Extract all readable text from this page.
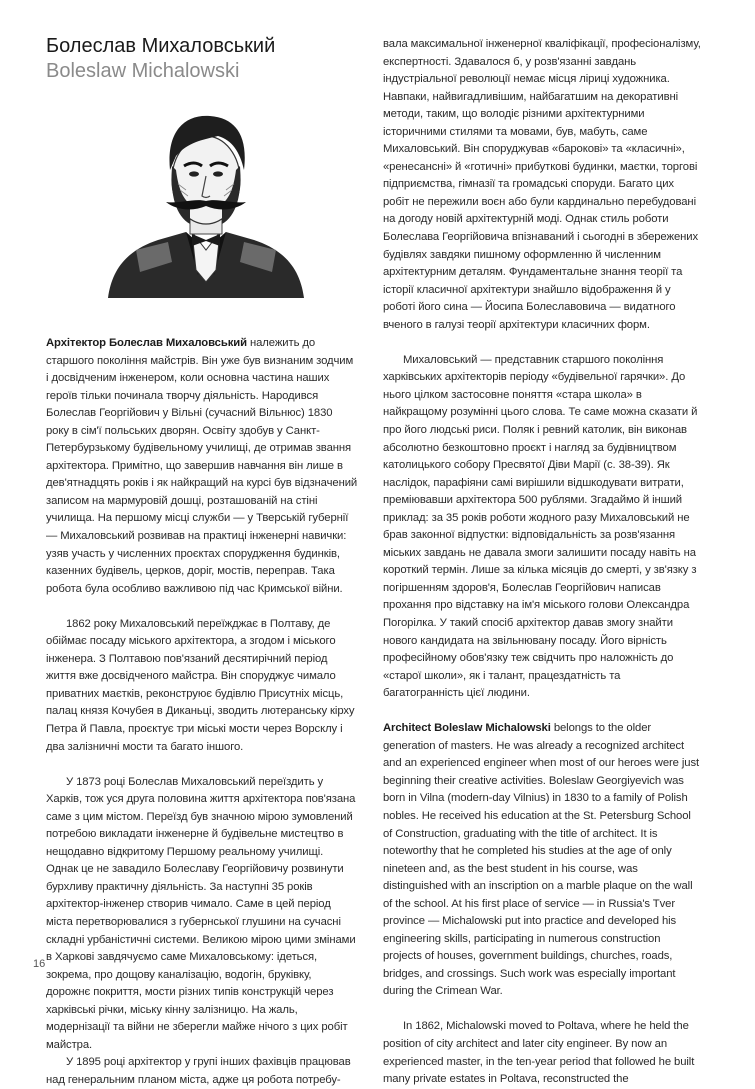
Болеслав Михаловський
Boleslaw Michalowski

Архітектор Болеслав Михаловський належить до старшого покоління майстрів. Він уже був визнаним зодчим і досвідченим інженером, коли основна частина наших героїв тільки починала творчу діяльність. Народився Болеслав Георгійович у Вільні (сучасний Вільнюс) 1830 року в сім'ї польських дворян. Освіту здобув у Санкт-Петербурзькому будівельному училищі, де отримав звання архітектора. Примітно, що завершив навчання він лише в дев'ятнадцять років і як найкращий на курсі був відзначений записом на мармуровій дошці, розташованій на стіні училища. На першому місці служби — у Тверській губернії — Михаловський розвивав на практиці інженерні навички: узяв участь у численних проєктах спорудження будинків, казенних будівель, церков, доріг, мостів, переправ. Така робота була особливо важливою під час Кримської війни.

1862 року Михаловський переїжджає в Полтаву, де обіймає посаду міського архітектора, а згодом і міського інженера. З Полтавою пов'язаний десятирічний період життя вже досвідченого майстра. Він споруджує чимало приватних маєтків, реконструює будівлю Присутніх місць, палац князя Кочубея в Диканьці, зводить лютеранську кірху Петра й Павла, проєктує три міські мости через Ворсклу і два залізничні мости та багато іншого.

У 1873 році Болеслав Михаловський переїздить у Харків, тож уся друга половина життя архітектора пов'язана саме з цим містом. Переїзд був значною мірою зумовлений потребою викладати інженерне й будівельне мистецтво в нещодавно відкритому Першому реальному училищі. Однак це не завадило Болеславу Георгійовичу розвинути бурхливу практичну діяльність. За наступні 35 років архітектор-інженер створив чимало. Саме в цей період міста перетворювалися з губернської глушини на сучасні складні урбаністичні системи. Великою мірою цими змінами в Харкові завдячуємо саме Михаловському: ідеться, зокрема, про дощову каналізацію, водогін, бруківку, дорожнє покриття, мости різних типів конструкцій через харківські річки, міську кінну залізницю. На жаль, модернізації та війни не зберегли майже нічого з цих робіт майстра.

У 1895 році архітектор у групі інших фахівців працював над генеральним планом міста, адже ця робота потребу-

вала максимальної інженерної кваліфікації, професіоналізму, експертності. Здавалося б, у розв'язанні завдань індустріальної революції немає місця ліриці художника. Навпаки, найвигадливішим, найбагатшим на декоративні методи, таким, що володіє різними архітектурними історичними стилями та мовами, був, мабуть, саме Михаловський. Він споруджував «барокові» та «класичні», «ренесансні» й «готичні» прибуткові будинки, маєтки, торгові підприємства, гімназії та громадські споруди. Багато цих робіт не пережили воєн або були кардинально перебудовані на догоду новій архітектурній моді. Однак стиль роботи Болеслава Георгійовича впізнаваний і сьогодні в збережених будівлях завдяки пишному оформленню й численним архітектурним деталям. Фундаментальне знання теорії та історії класичної архітектури знайшло відображення й у роботі його сина — Йосипа Болеславовича — видатного вченого в галузі теорії архітектури класичних форм.

Михаловський — представник старшого покоління харківських архітекторів періоду «будівельної гарячки». До нього цілком застосовне поняття «стара школа» в найкращому розумінні цього слова. Те саме можна сказати й про його людські риси. Поляк і ревний католик, він виконав абсолютно безкоштовно проєкт і нагляд за будівництвом католицького собору Пресвятої Діви Марії (с. 38-39). Як наслідок, парафіяни самі вирішили відшкодувати витрати, преміювавши архітектора 500 рублями. Згадаймо й інший приклад: за 35 років роботи жодного разу Михаловський не брав законної відпустки: відповідальність за розв'язання міських завдань не давала змоги залишити посаду навіть на короткий термін. Лише за кілька місяців до смерті, у зв'язку з погіршенням здоров'я, Болеслав Георгійович написав прохання про відставку на ім'я міського голови Олександра Погорілка. У такий спосіб архітектор давав змогу знайти нового кандидата на звільнювану посаду. Його вірність професійному обов'язку теж свідчить про наложність до «старої школи», як і талант, працездатність та багатогранність цієї людини.

Architect Boleslaw Michalowski belongs to the older generation of masters. He was already a recognized architect and an experienced engineer when most of our heroes were just beginning their creative activities. Boleslaw Georgiyevich was born in Vilna (modern-day Vilnius) in 1830 to a family of Polish nobles. He received his education at the St. Petersburg School of Construction, graduating with the title of architect. It is noteworthy that he completed his studies at the age of only nineteen and, as the best student in his course, was distinguished with an inscription on a marble plaque on the wall of the school. At his first place of service — in Russia's Tver province — Michalowski put into practice and developed his engineering skills, participating in numerous construction projects of houses, government buildings, churches, roads, bridges, and crossings. Such work was especially important during the Crimean War.

In 1862, Michalowski moved to Poltava, where he held the position of city architect and later city engineer. By now an experienced master, in the ten-year period that followed he built many private estates in Poltava, reconstructed the

16
